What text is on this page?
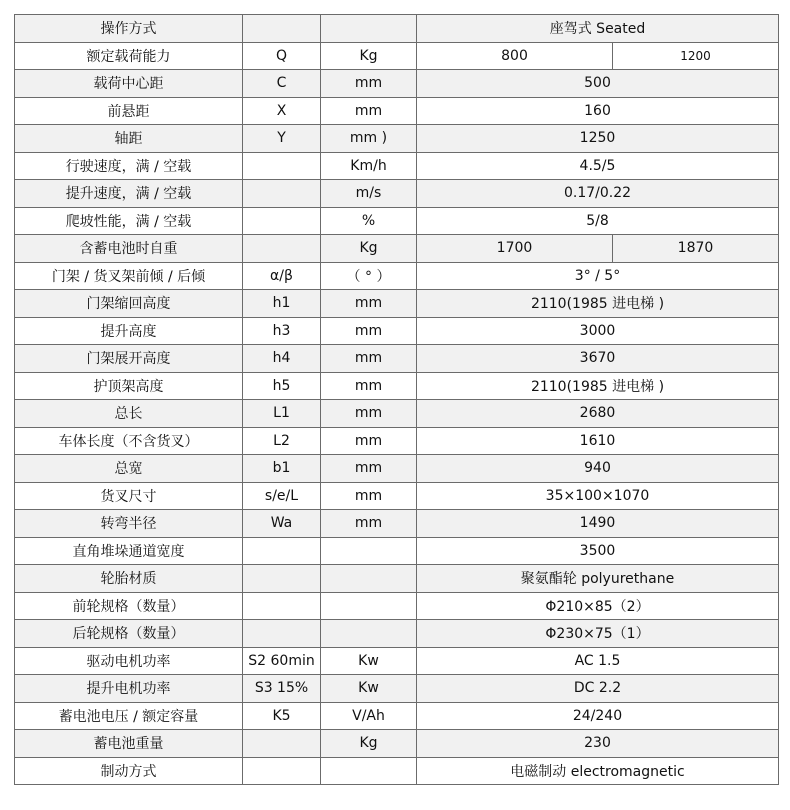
操作方式			座驾式 Seated	
额定载荷能力	Q	Kg	800	1200
载荷中心距	C	mm	500	
前悬距	X	mm	160	
轴距	Y	mm )	1250	
行驶速度，满 / 空载		Km/h	4.5/5	
提升速度，满 / 空载		m/s	0.17/0.22	
爬坡性能，满 / 空载		%	5/8	
含蓄电池时自重		Kg	1700	1870
门架 / 货叉架前倾 / 后倾	α/β	（ ° ）	3° / 5°	
门架缩回高度	h1	mm	2110(1985 进电梯 )	
提升高度	h3	mm	3000	
门架展开高度	h4	mm	3670	
护顶架高度	h5	mm	2110(1985 进电梯 )	
总长	L1	mm	2680	
车体长度（不含货叉）	L2	mm	1610	
总宽	b1	mm	940	
货叉尺寸	s/e/L	mm	35×100×1070	
转弯半径	Wa	mm	1490	
直角堆垛通道宽度			3500	
轮胎材质			聚氨酯轮 polyurethane	
前轮规格（数量）			Φ210×85（2）	
后轮规格（数量）			Φ230×75（1）	
驱动电机功率	S2 60min	Kw	AC 1.5	
提升电机功率	S3 15%	Kw	DC 2.2	
蓄电池电压 / 额定容量	K5	V/Ah	24/240	
蓄电池重量		Kg	230	
制动方式			电磁制动 electromagnetic	
